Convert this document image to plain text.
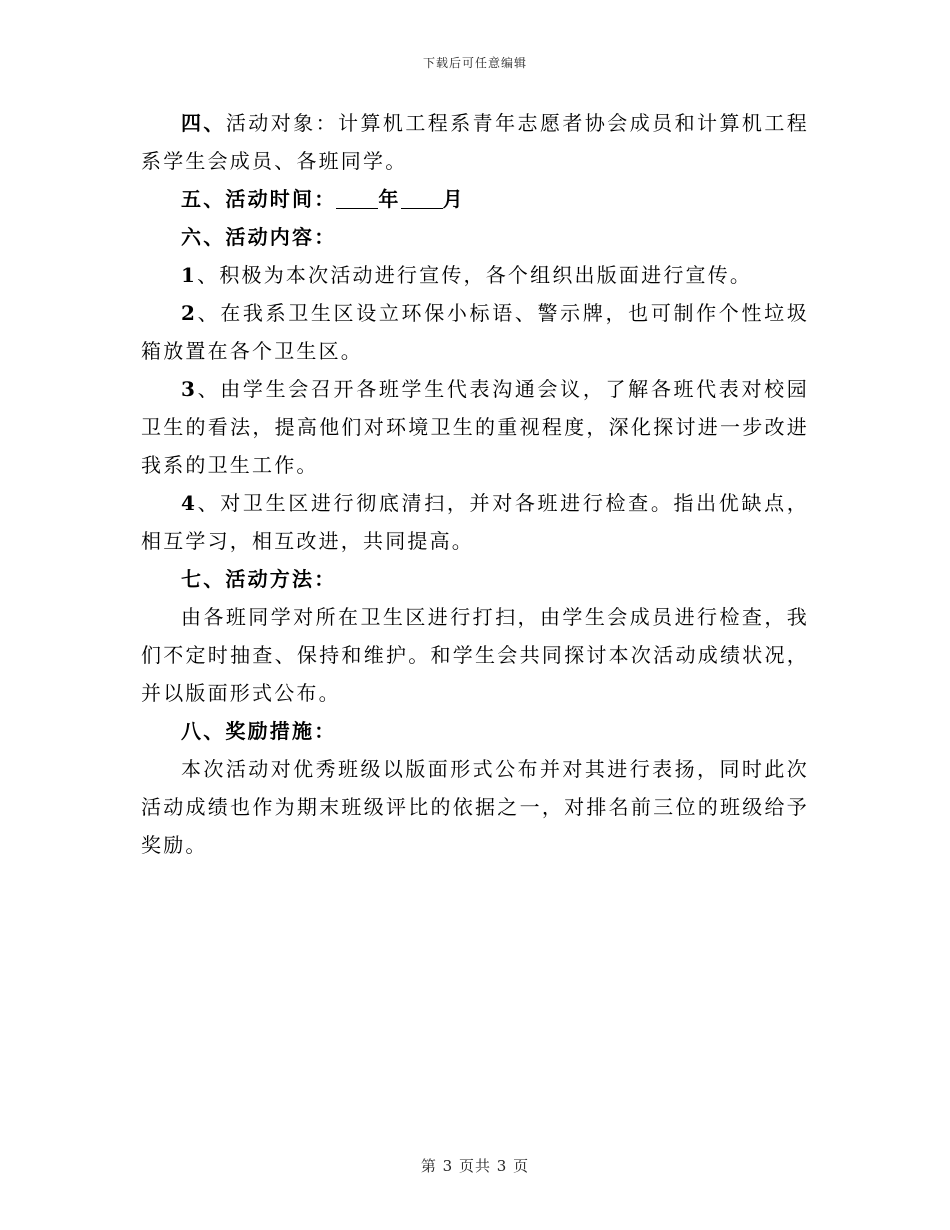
下载后可任意编辑

四、活动对象：计算机工程系青年志愿者协会成员和计算机工程系学生会成员、各班同学。

五、活动时间： 年 月

六、活动内容：

1、积极为本次活动进行宣传，各个组织出版面进行宣传。

2、在我系卫生区设立环保小标语、警示牌，也可制作个性垃圾箱放置在各个卫生区。

3、由学生会召开各班学生代表沟通会议，了解各班代表对校园卫生的看法，提高他们对环境卫生的重视程度，深化探讨进一步改进我系的卫生工作。

4、对卫生区进行彻底清扫，并对各班进行检查。指出优缺点，相互学习，相互改进，共同提高。

七、活动方法：

由各班同学对所在卫生区进行打扫，由学生会成员进行检查，我们不定时抽查、保持和维护。和学生会共同探讨本次活动成绩状况，并以版面形式公布。

八、奖励措施：

本次活动对优秀班级以版面形式公布并对其进行表扬，同时此次活动成绩也作为期末班级评比的依据之一，对排名前三位的班级给予奖励。

第 3 页共 3 页
